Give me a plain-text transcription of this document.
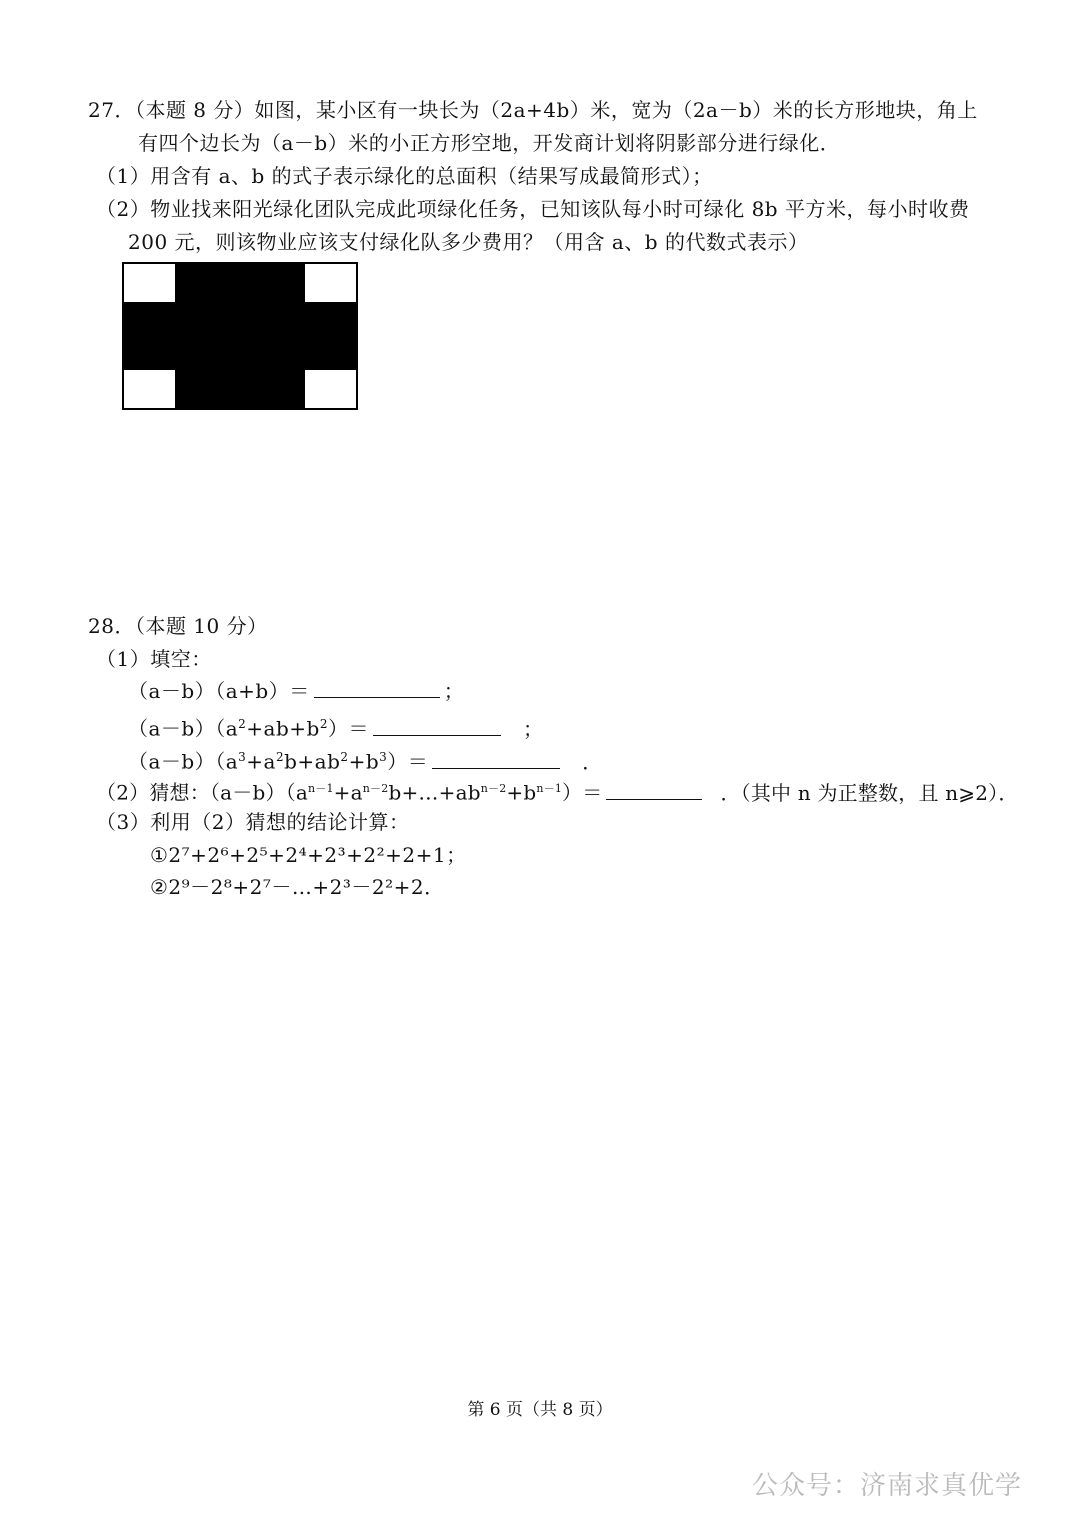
27．（本题 8 分）如图，某小区有一块长为（2a+4b）米，宽为（2a－b）米的长方形地块，角上
有四个边长为（a－b）米的小正方形空地，开发商计划将阴影部分进行绿化．
（1）用含有 a、b 的式子表示绿化的总面积（结果写成最简形式）；
（2）物业找来阳光绿化团队完成此项绿化任务，已知该队每小时可绿化 8b 平方米，每小时收费
200 元，则该物业应该支付绿化队多少费用？（用含 a、b 的代数式表示）
28．（本题 10 分）
（1）填空：
（a－b）（a+b）＝	；
$(a-b)(a^2+ab+b^2)=$	；
$(a-b)(a^3+a^2b+ab^2+b^3)=$	．
（2）猜想：$(a-b)(a^{n-1}+a^{n-2}b+\dots+ab^{n-2}+b^{n-1})=$	．（其中 n 为正整数，且 n⩾2）．
（3）利用（2）猜想的结论计算：
①2⁷+2⁶+2⁵+2⁴+2³+2²+2+1；
②2⁹－2⁸+2⁷－…+2³－2²+2．
第 6 页（共 8 页）
公众号：济南求真优学
